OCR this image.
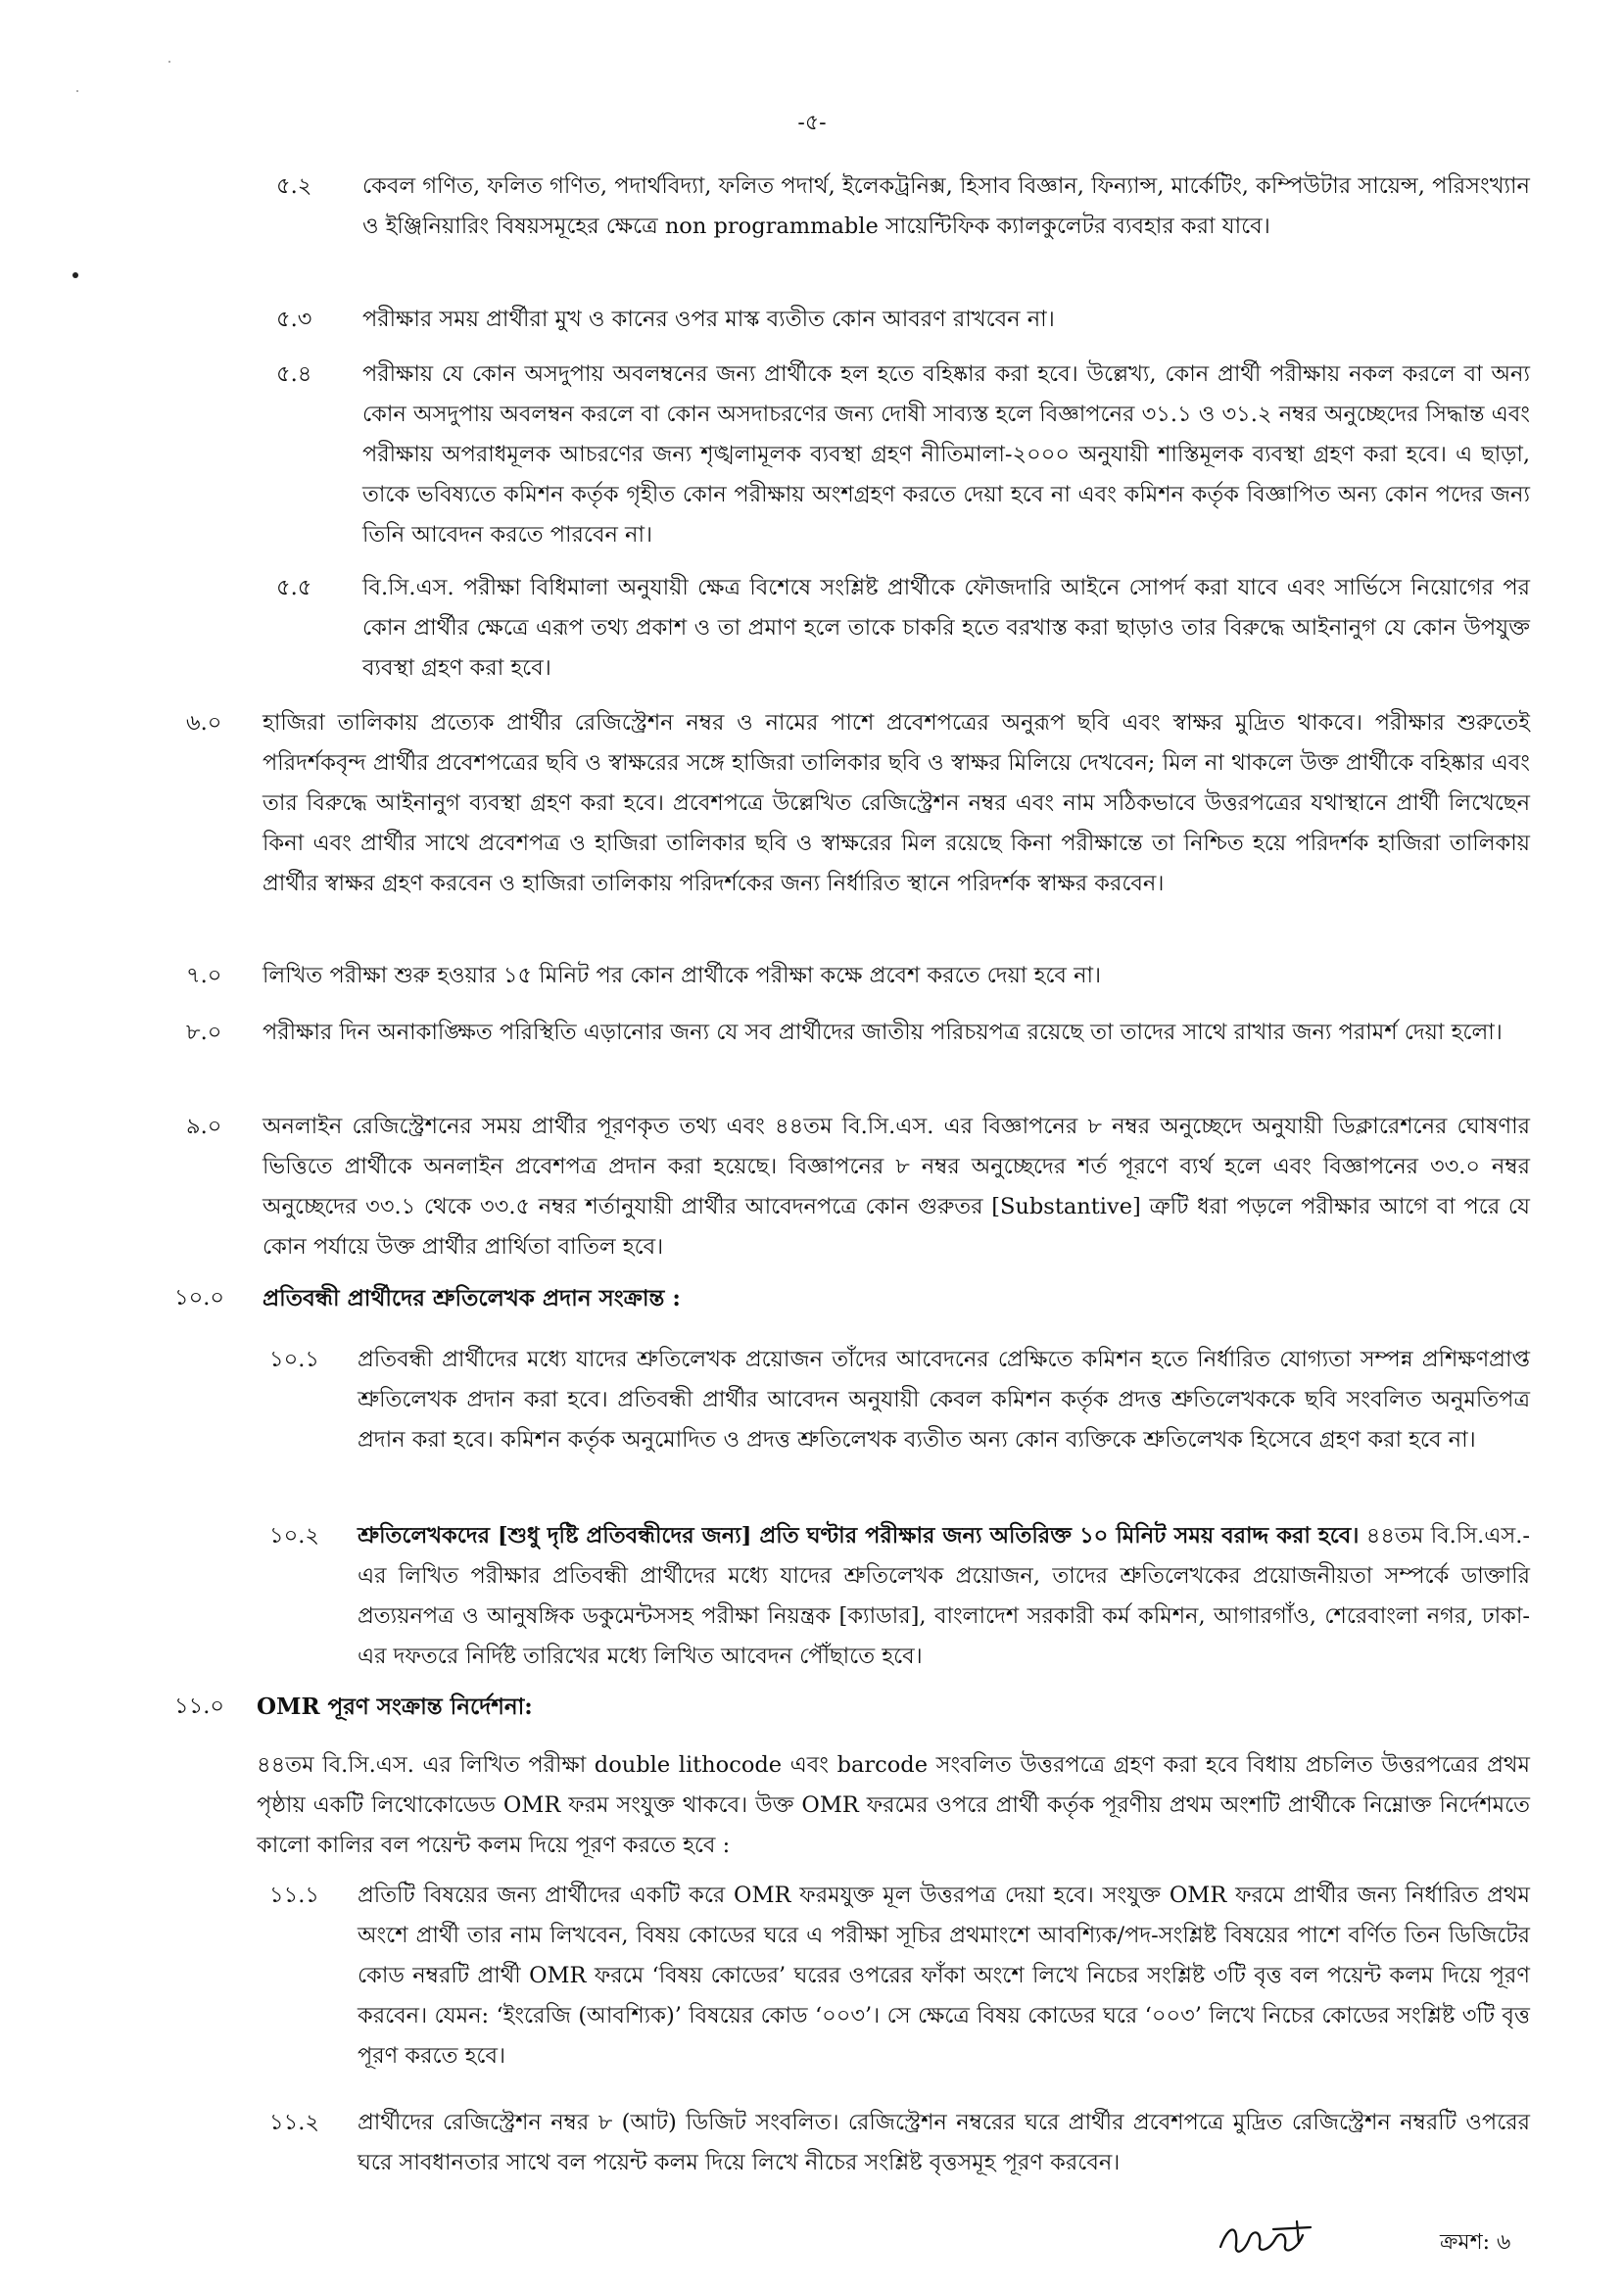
-৫-
৫.২ কেবল গণিত, ফলিত গণিত, পদার্থবিদ্যা, ফলিত পদার্থ, ইলেকট্রনিক্স, হিসাব বিজ্ঞান, ফিন্যান্স, মার্কেটিং, কম্পিউটার সায়েন্স, পরিসংখ্যান ও ইঞ্জিনিয়ারিং বিষয়সমূহের ক্ষেত্রে non programmable সায়েন্টিফিক ক্যালকুলেটর ব্যবহার করা যাবে।
৫.৩ পরীক্ষার সময় প্রার্থীরা মুখ ও কানের ওপর মাস্ক ব্যতীত কোন আবরণ রাখবেন না।
৫.৪ পরীক্ষায় যে কোন অসদুপায় অবলম্বনের জন্য প্রার্থীকে হল হতে বহিষ্কার করা হবে। উল্লেখ্য, কোন প্রার্থী পরীক্ষায় নকল করলে বা অন্য কোন অসদুপায় অবলম্বন করলে বা কোন অসদাচরণের জন্য দোষী সাব্যস্ত হলে বিজ্ঞাপনের ৩১.১ ও ৩১.২ নম্বর অনুচ্ছেদের সিদ্ধান্ত এবং পরীক্ষায় অপরাধমূলক আচরণের জন্য শৃঙ্খলামূলক ব্যবস্থা গ্রহণ নীতিমালা-২০০০ অনুযায়ী শাস্তিমূলক ব্যবস্থা গ্রহণ করা হবে। এ ছাড়া, তাকে ভবিষ্যতে কমিশন কর্তৃক গৃহীত কোন পরীক্ষায় অংশগ্রহণ করতে দেয়া হবে না এবং কমিশন কর্তৃক বিজ্ঞাপিত অন্য কোন পদের জন্য তিনি আবেদন করতে পারবেন না।
৫.৫ বি.সি.এস. পরীক্ষা বিধিমালা অনুযায়ী ক্ষেত্র বিশেষে সংশ্লিষ্ট প্রার্থীকে ফৌজদারি আইনে সোপর্দ করা যাবে এবং সার্ভিসে নিয়োগের পর কোন প্রার্থীর ক্ষেত্রে এরূপ তথ্য প্রকাশ ও তা প্রমাণ হলে তাকে চাকরি হতে বরখাস্ত করা ছাড়াও তার বিরুদ্ধে আইনানুগ যে কোন উপযুক্ত ব্যবস্থা গ্রহণ করা হবে।
৬.০ হাজিরা তালিকায় প্রত্যেক প্রার্থীর রেজিস্ট্রেশন নম্বর ও নামের পাশে প্রবেশপত্রের অনুরূপ ছবি এবং স্বাক্ষর মুদ্রিত থাকবে। পরীক্ষার শুরুতেই পরিদর্শকবৃন্দ প্রার্থীর প্রবেশপত্রের ছবি ও স্বাক্ষরের সঙ্গে হাজিরা তালিকার ছবি ও স্বাক্ষর মিলিয়ে দেখবেন; মিল না থাকলে উক্ত প্রার্থীকে বহিষ্কার এবং তার বিরুদ্ধে আইনানুগ ব্যবস্থা গ্রহণ করা হবে। প্রবেশপত্রে উল্লেখিত রেজিস্ট্রেশন নম্বর এবং নাম সঠিকভাবে উত্তরপত্রের যথাস্থানে প্রার্থী লিখেছেন কিনা এবং প্রার্থীর সাথে প্রবেশপত্র ও হাজিরা তালিকার ছবি ও স্বাক্ষরের মিল রয়েছে কিনা পরীক্ষান্তে তা নিশ্চিত হয়ে পরিদর্শক হাজিরা তালিকায় প্রার্থীর স্বাক্ষর গ্রহণ করবেন ও হাজিরা তালিকায় পরিদর্শকের জন্য নির্ধারিত স্থানে পরিদর্শক স্বাক্ষর করবেন।
৭.০ লিখিত পরীক্ষা শুরু হওয়ার ১৫ মিনিট পর কোন প্রার্থীকে পরীক্ষা কক্ষে প্রবেশ করতে দেয়া হবে না।
৮.০ পরীক্ষার দিন অনাকাঙ্ক্ষিত পরিস্থিতি এড়ানোর জন্য যে সব প্রার্থীদের জাতীয় পরিচয়পত্র রয়েছে তা তাদের সাথে রাখার জন্য পরামর্শ দেয়া হলো।
৯.০ অনলাইন রেজিস্ট্রেশনের সময় প্রার্থীর পূরণকৃত তথ্য এবং ৪৪তম বি.সি.এস. এর বিজ্ঞাপনের ৮ নম্বর অনুচ্ছেদে অনুযায়ী ডিক্লারেশনের ঘোষণার ভিত্তিতে প্রার্থীকে অনলাইন প্রবেশপত্র প্রদান করা হয়েছে। বিজ্ঞাপনের ৮ নম্বর অনুচ্ছেদের শর্ত পূরণে ব্যর্থ হলে এবং বিজ্ঞাপনের ৩৩.০ নম্বর অনুচ্ছেদের ৩৩.১ থেকে ৩৩.৫ নম্বর শর্তানুযায়ী প্রার্থীর আবেদনপত্রে কোন গুরুতর [Substantive] ত্রুটি ধরা পড়লে পরীক্ষার আগে বা পরে যে কোন পর্যায়ে উক্ত প্রার্থীর প্রার্থিতা বাতিল হবে।
১০.০ প্রতিবন্ধী প্রার্থীদের শ্রুতিলেখক প্রদান সংক্রান্ত :
১০.১ প্রতিবন্ধী প্রার্থীদের মধ্যে যাদের শ্রুতিলেখক প্রয়োজন তাঁদের আবেদনের প্রেক্ষিতে কমিশন হতে নির্ধারিত যোগ্যতা সম্পন্ন প্রশিক্ষণপ্রাপ্ত শ্রুতিলেখক প্রদান করা হবে। প্রতিবন্ধী প্রার্থীর আবেদন অনুযায়ী কেবল কমিশন কর্তৃক প্রদত্ত শ্রুতিলেখককে ছবি সংবলিত অনুমতিপত্র প্রদান করা হবে। কমিশন কর্তৃক অনুমোদিত ও প্রদত্ত শ্রুতিলেখক ব্যতীত অন্য কোন ব্যক্তিকে শ্রুতিলেখক হিসেবে গ্রহণ করা হবে না।
১০.২ শ্রুতিলেখকদের [শুধু দৃষ্টি প্রতিবন্ধীদের জন্য] প্রতি ঘণ্টার পরীক্ষার জন্য অতিরিক্ত ১০ মিনিট সময় বরাদ্দ করা হবে। ৪৪তম বি.সি.এস.-এর লিখিত পরীক্ষার প্রতিবন্ধী প্রার্থীদের মধ্যে যাদের শ্রুতিলেখক প্রয়োজন, তাদের শ্রুতিলেখকের প্রয়োজনীয়তা সম্পর্কে ডাক্তারি প্রত্যয়নপত্র ও আনুষঙ্গিক ডকুমেন্টসসহ পরীক্ষা নিয়ন্ত্রক [ক্যাডার], বাংলাদেশ সরকারী কর্ম কমিশন, আগারগাঁও, শেরেবাংলা নগর, ঢাকা-এর দফতরে নির্দিষ্ট তারিখের মধ্যে লিখিত আবেদন পৌঁছাতে হবে।
১১.০ OMR পূরণ সংক্রান্ত নির্দেশনা:
৪৪তম বি.সি.এস. এর লিখিত পরীক্ষা double lithocode এবং barcode সংবলিত উত্তরপত্রে গ্রহণ করা হবে বিধায় প্রচলিত উত্তরপত্রের প্রথম পৃষ্ঠায় একটি লিথোকোডেড OMR ফরম সংযুক্ত থাকবে। উক্ত OMR ফরমের ওপরে প্রার্থী কর্তৃক পূরণীয় প্রথম অংশটি প্রার্থীকে নিম্নোক্ত নির্দেশমতে কালো কালির বল পয়েন্ট কলম দিয়ে পূরণ করতে হবে :
১১.১ প্রতিটি বিষয়ের জন্য প্রার্থীদের একটি করে OMR ফরমযুক্ত মূল উত্তরপত্র দেয়া হবে। সংযুক্ত OMR ফরমে প্রার্থীর জন্য নির্ধারিত প্রথম অংশে প্রার্থী তার নাম লিখবেন, বিষয় কোডের ঘরে এ পরীক্ষা সূচির প্রথমাংশে আবশ্যিক/পদ-সংশ্লিষ্ট বিষয়ের পাশে বর্ণিত তিন ডিজিটের কোড নম্বরটি প্রার্থী OMR ফরমে ‘বিষয় কোডের’ ঘরের ওপরের ফাঁকা অংশে লিখে নিচের সংশ্লিষ্ট ৩টি বৃত্ত বল পয়েন্ট কলম দিয়ে পূরণ করবেন। যেমন: ‘ইংরেজি (আবশ্যিক)’ বিষয়ের কোড ‘০০৩’। সে ক্ষেত্রে বিষয় কোডের ঘরে ‘০০৩’ লিখে নিচের কোডের সংশ্লিষ্ট ৩টি বৃত্ত পূরণ করতে হবে।
১১.২ প্রার্থীদের রেজিস্ট্রেশন নম্বর ৮ (আট) ডিজিট সংবলিত। রেজিস্ট্রেশন নম্বরের ঘরে প্রার্থীর প্রবেশপত্রে মুদ্রিত রেজিস্ট্রেশন নম্বরটি ওপরের ঘরে সাবধানতার সাথে বল পয়েন্ট কলম দিয়ে লিখে নীচের সংশ্লিষ্ট বৃত্তসমূহ পূরণ করবেন।
ক্রমশ: ৬
